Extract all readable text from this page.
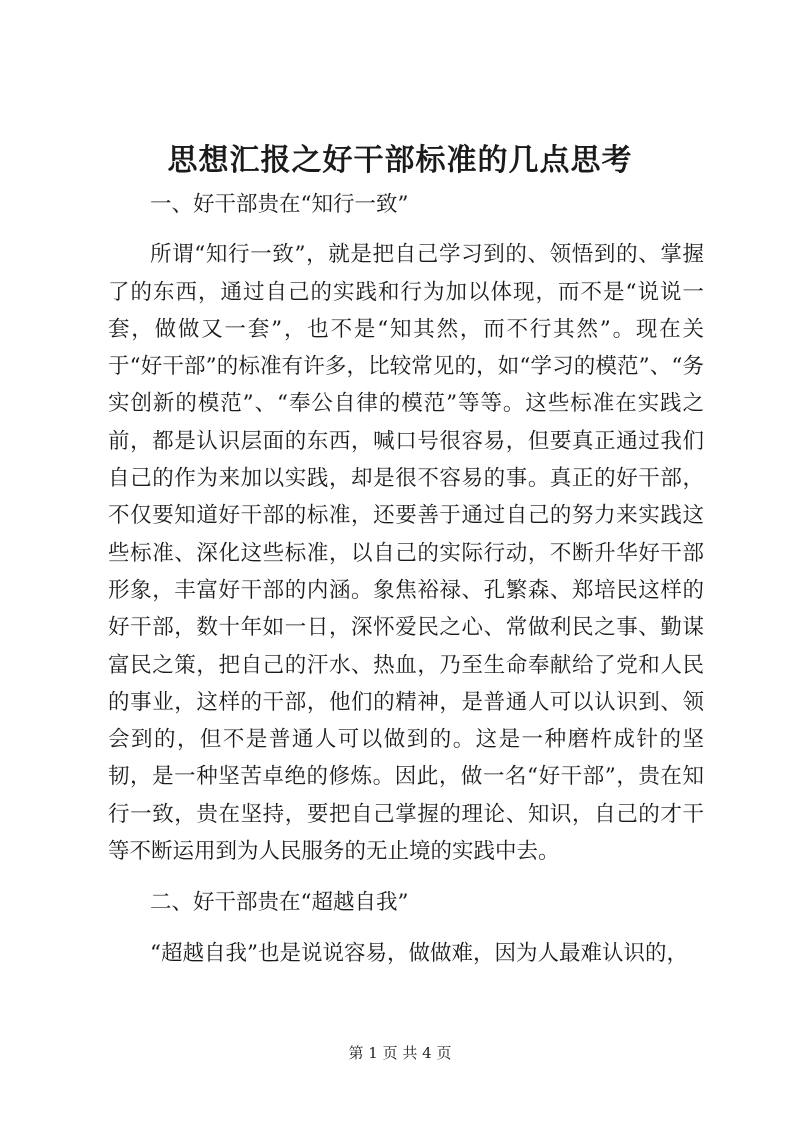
思想汇报之好干部标准的几点思考

一、好干部贵在“知行一致”

所谓“知行一致”，就是把自己学习到的、领悟到的、掌握了的东西，通过自己的实践和行为加以体现，而不是“说说一套，做做又一套”，也不是“知其然，而不行其然”。现在关于“好干部”的标准有许多，比较常见的，如“学习的模范”、“务实创新的模范”、“奉公自律的模范”等等。这些标准在实践之前，都是认识层面的东西，喊口号很容易，但要真正通过我们自己的作为来加以实践，却是很不容易的事。真正的好干部，不仅要知道好干部的标准，还要善于通过自己的努力来实践这些标准、深化这些标准，以自己的实际行动，不断升华好干部形象，丰富好干部的内涵。象焦裕禄、孔繁森、郑培民这样的好干部，数十年如一日，深怀爱民之心、常做利民之事、勤谋富民之策，把自己的汗水、热血，乃至生命奉献给了党和人民的事业，这样的干部，他们的精神，是普通人可以认识到、领会到的，但不是普通人可以做到的。这是一种磨杵成针的坚韧，是一种坚苦卓绝的修炼。因此，做一名“好干部”，贵在知行一致，贵在坚持，要把自己掌握的理论、知识，自己的才干等不断运用到为人民服务的无止境的实践中去。

二、好干部贵在“超越自我”

“超越自我”也是说说容易，做做难，因为人最难认识的，

第 1 页 共 4 页
